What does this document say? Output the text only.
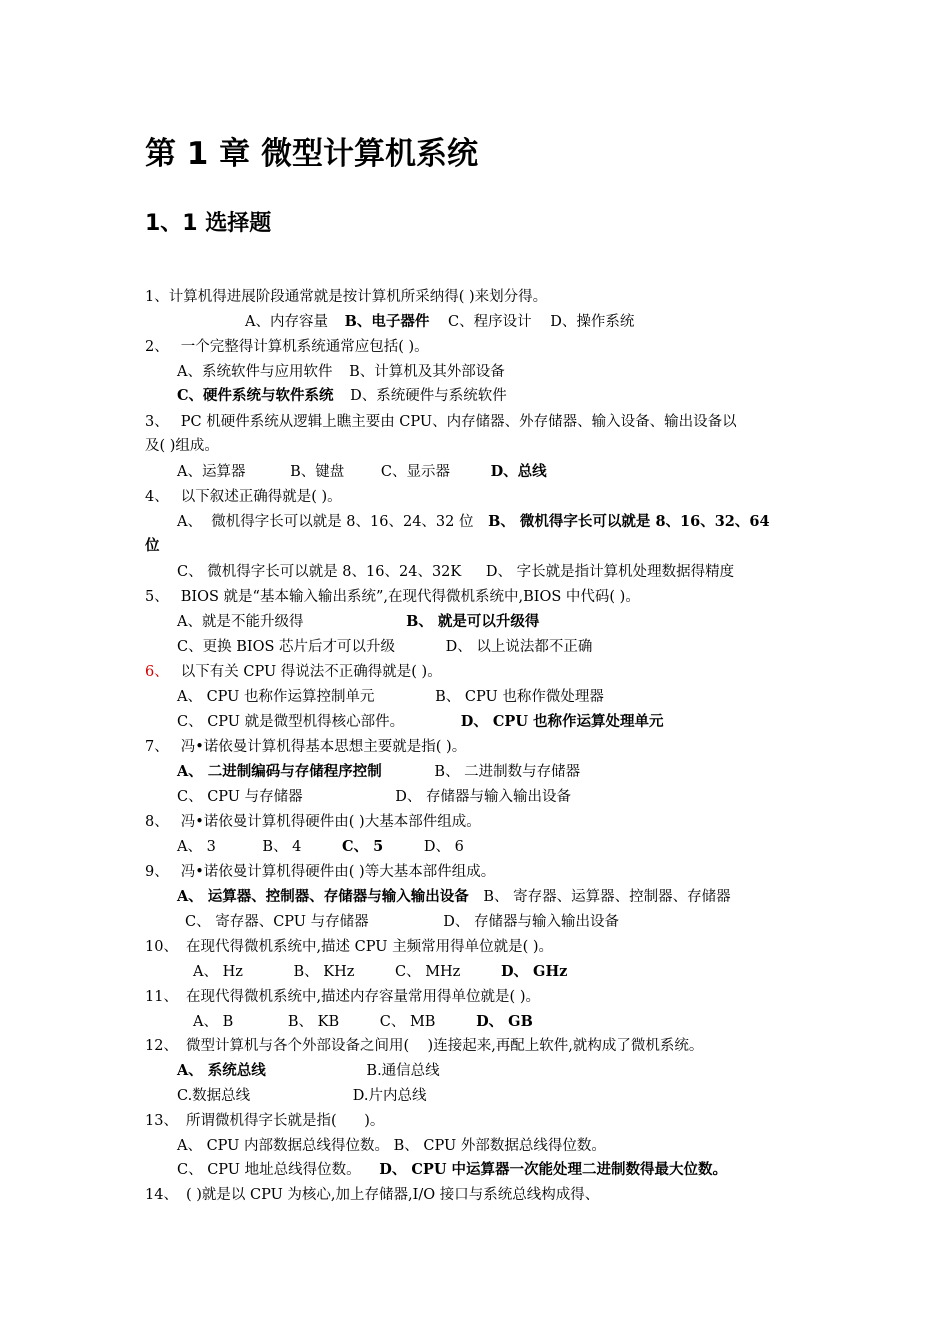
第 1 章 微型计算机系统
1、1 选择题
1、计算机得进展阶段通常就是按计算机所采纳得( )来划分得。
A、内存容量 B、电子器件 C、程序设计 D、操作系统
2、 一个完整得计算机系统通常应包括( )。
A、系统软件与应用软件 B、计算机及其外部设备
C、硬件系统与软件系统 D、系统硬件与系统软件
3、 PC 机硬件系统从逻辑上瞧主要由 CPU、内存储器、外存储器、输入设备、输出设备以
及( )组成。
A、运算器	B、键盘	C、显示器	D、总线
4、 以下叙述正确得就是( )。
A、  微机得字长可以就是 8、16、24、32 位 B、 微机得字长可以就是 8、16、32、64
位
C、 微机得字长可以就是 8、16、24、32K D、 字长就是指计算机处理数据得精度
5、 BIOS 就是“基本输入输出系统”,在现代得微机系统中,BIOS 中代码( )。
A、就是不能升级得	B、 就是可以升级得
C、更换 BIOS 芯片后才可以升级	D、 以上说法都不正确
6、 以下有关 CPU 得说法不正确得就是( )。
A、 CPU 也称作运算控制单元	B、 CPU 也称作微处理器
C、 CPU 就是微型机得核心部件。	D、 CPU 也称作运算处理单元
7、 冯•诺依曼计算机得基本思想主要就是指( )。
A、 二进制编码与存储程序控制	B、 二进制数与存储器
C、 CPU 与存储器	D、 存储器与输入输出设备
8、 冯•诺依曼计算机得硬件由( )大基本部件组成。
A、 3	B、 4	C、 5	D、 6
9、 冯•诺依曼计算机得硬件由( )等大基本部件组成。
A、 运算器、控制器、存储器与输入输出设备 B、 寄存器、运算器、控制器、存储器
C、 寄存器、CPU 与存储器	D、 存储器与输入输出设备
10、 在现代得微机系统中,描述 CPU 主频常用得单位就是( )。
A、 Hz	B、 KHz	C、 MHz	D、 GHz
11、 在现代得微机系统中,描述内存容量常用得单位就是( )。
A、 B	B、 KB	C、 MB	D、 GB
12、 微型计算机与各个外部设备之间用(    )连接起来,再配上软件,就构成了微机系统。
A、 系统总线	B.通信总线
C.数据总线	D.片内总线
13、 所谓微机得字长就是指(      )。
A、 CPU 内部数据总线得位数。 B、 CPU 外部数据总线得位数。
C、 CPU 地址总线得位数。 D、 CPU 中运算器一次能处理二进制数得最大位数。
14、 ( )就是以 CPU 为核心,加上存储器,I/O 接口与系统总线构成得、
